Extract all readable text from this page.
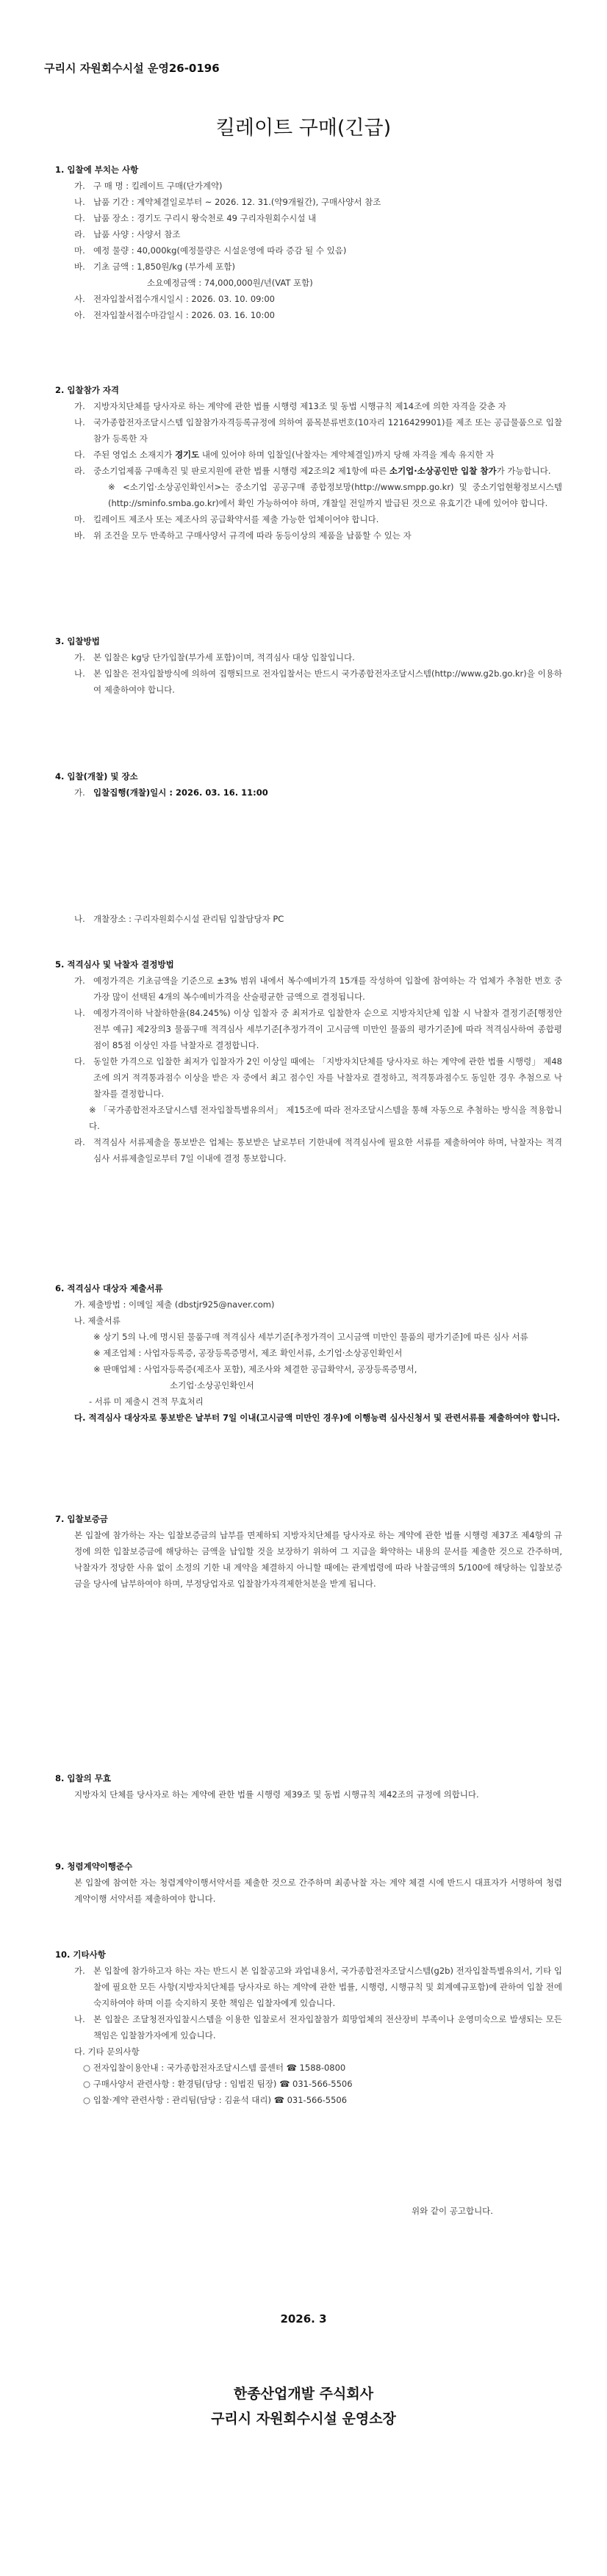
구리시 자원회수시설 운영26-0196
킬레이트 구매(긴급)
1. 입찰에 부치는 사항
가. 구 매 명 : 킬레이트 구매(단가계약)
나. 납품 기간 : 계약체결일로부터 ~ 2026. 12. 31.(약9개월간), 구매사양서 참조
다. 납품 장소 : 경기도 구리시 왕숙천로 49 구리자원회수시설 내
라. 납품 사양 : 사양서 참조
마. 예정 물량 : 40,000kg(예정물량은 시설운영에 따라 증감 될 수 있음)
바. 기초 금액 : 1,850원/kg (부가세 포함)
소요예정금액 : 74,000,000원/년(VAT 포함)
사. 전자입찰서접수개시일시 : 2026. 03. 10. 09:00
아. 전자입찰서접수마감일시 : 2026. 03. 16. 10:00
2. 입찰참가 자격
가. 지방자치단체를 당사자로 하는 계약에 관한 법률 시행령 제13조 및 동법 시행규칙 제14조에 의한 자격을 갖춘 자
나. 국가종합전자조달시스템 입찰참가자격등록규정에 의하여 품목분류번호(10자리 1216429901)를 제조 또는 공급물품으로 입찰참가 등록한 자
다. 주된 영업소 소재지가 경기도 내에 있어야 하며 입찰일(낙찰자는 계약체결일)까지 당해 자격을 계속 유지한 자
라. 중소기업제품 구매촉진 및 판로지원에 관한 법률 시행령 제2조의2 제1항에 따른 소기업·소상공인만 입찰 참가가 가능합니다.
※ <소기업·소상공인확인서>는 중소기업 공공구매 종합정보망(http://www.smpp.go.kr) 및 중소기업현황정보시스템(http://sminfo.smba.go.kr)에서 확인 가능하여야 하며, 개찰일 전일까지 발급된 것으로 유효기간 내에 있어야 합니다.
마. 킬레이트 제조사 또는 제조사의 공급확약서를 제출 가능한 업체이어야 합니다.
바. 위 조건을 모두 만족하고 구매사양서 규격에 따라 동등이상의 제품을 납품할 수 있는 자
3. 입찰방법
가. 본 입찰은 kg당 단가입찰(부가세 포함)이며, 적격심사 대상 입찰입니다.
나. 본 입찰은 전자입찰방식에 의하여 집행되므로 전자입찰서는 반드시 국가종합전자조달시스템(http://www.g2b.go.kr)을 이용하여 제출하여야 합니다.
4. 입찰(개찰) 및 장소
가. 입찰집행(개찰)일시 : 2026. 03. 16. 11:00
나. 개찰장소 : 구리자원회수시설 관리팀 입찰담당자 PC
5. 적격심사 및 낙찰자 결정방법
가. 예정가격은 기초금액을 기준으로 ±3% 범위 내에서 복수예비가격 15개를 작성하여 입찰에 참여하는 각 업체가 추첨한 번호 중 가장 많이 선택된 4개의 복수예비가격을 산술평균한 금액으로 결정됩니다.
나. 예정가격이하 낙찰하한율(84.245%) 이상 입찰자 중 최저가로 입찰한자 순으로 지방자치단체 입찰 시 낙찰자 결정기준[행정안전부 예규] 제2장의3 물품구매 적격심사 세부기준[추정가격이 고시금액 미만인 물품의 평가기준]에 따라 적격심사하여 종합평점이 85점 이상인 자를 낙찰자로 결정합니다.
다. 동일한 가격으로 입찰한 최저가 입찰자가 2인 이상일 때에는 「지방자치단체를 당사자로 하는 계약에 관한 법률 시행령」 제48조에 의거 적격통과점수 이상을 받은 자 중에서 최고 점수인 자를 낙찰자로 결정하고, 적격통과점수도 동일한 경우 추첨으로 낙찰자를 결정합니다.
※ 「국가종합전자조달시스템 전자입찰특별유의서」 제15조에 따라 전자조달시스템을 통해 자동으로 추첨하는 방식을 적용합니다.
라. 적격심사 서류제출을 통보받은 업체는 통보받은 날로부터 기한내에 적격심사에 필요한 서류를 제출하여야 하며, 낙찰자는 적격심사 서류제출일로부터 7일 이내에 결정 통보합니다.
6. 적격심사 대상자 제출서류
가. 제출방법 : 이메일 제출 (dbstjr925@naver.com)
나. 제출서류
※ 상기 5의 나.에 명시된 물품구매 적격심사 세부기준[추정가격이 고시금액 미만인 물품의 평가기준]에 따른 심사 서류
※ 제조업체 : 사업자등록증, 공장등록증명서, 제조 확인서류, 소기업·소상공인확인서
※ 판매업체 : 사업자등록증(제조사 포함), 제조사와 체결한 공급확약서, 공장등록증명서,
소기업·소상공인확인서
- 서류 미 제출시 견적 무효처리
다. 적격심사 대상자로 통보받은 날부터 7일 이내(고시금액 미만인 경우)에 이행능력 심사신청서 및 관련서류를 제출하여야 합니다.
7. 입찰보증금
본 입찰에 참가하는 자는 입찰보증금의 납부를 면제하되 지방자치단체를 당사자로 하는 계약에 관한 법률 시행령 제37조 제4항의 규정에 의한 입찰보증금에 해당하는 금액을 납입할 것을 보장하기 위하여 그 지급을 확약하는 내용의 문서를 제출한 것으로 간주하며, 낙찰자가 정당한 사유 없이 소정의 기한 내 계약을 체결하지 아니할 때에는 관계법령에 따라 낙찰금액의 5/100에 해당하는 입찰보증금을 당사에 납부하여야 하며, 부정당업자로 입찰참가자격제한처분을 받게 됩니다.
8. 입찰의 무효
지방자치 단체를 당사자로 하는 계약에 관한 법률 시행령 제39조 및 동법 시행규칙 제42조의 규정에 의합니다.
9. 청렴계약이행준수
본 입찰에 참여한 자는 청렴계약이행서약서를 제출한 것으로 간주하며 최종낙찰 자는 계약 체결 시에 반드시 대표자가 서명하여 청렴계약이행 서약서를 제출하여야 합니다.
10. 기타사항
가. 본 입찰에 참가하고자 하는 자는 반드시 본 입찰공고와 과업내용서, 국가종합전자조달시스템(g2b) 전자입찰특별유의서, 기타 입찰에 필요한 모든 사항(지방자치단체를 당사자로 하는 계약에 관한 법률, 시행령, 시행규칙 및 회계예규포함)에 관하여 입찰 전에 숙지하여야 하며 이를 숙지하지 못한 책임은 입찰자에게 있습니다.
나. 본 입찰은 조달청전자입찰시스템을 이용한 입찰로서 전자입찰참가 희망업체의 전산장비 부족이나 운영미숙으로 발생되는 모든 책임은 입찰참가자에게 있습니다.
다. 기타 문의사항
○ 전자입찰이용안내 : 국가종합전자조달시스템 콜센터 ☎ 1588-0800
○ 구매사양서 관련사항 : 환경팀(담당 : 임법진 팀장) ☎ 031-566-5506
○ 입찰·계약 관련사항 : 관리팀(담당 : 김윤석 대리) ☎ 031-566-5506
위와 같이 공고합니다.
2026. 3
한종산업개발 주식회사
구리시 자원회수시설 운영소장
